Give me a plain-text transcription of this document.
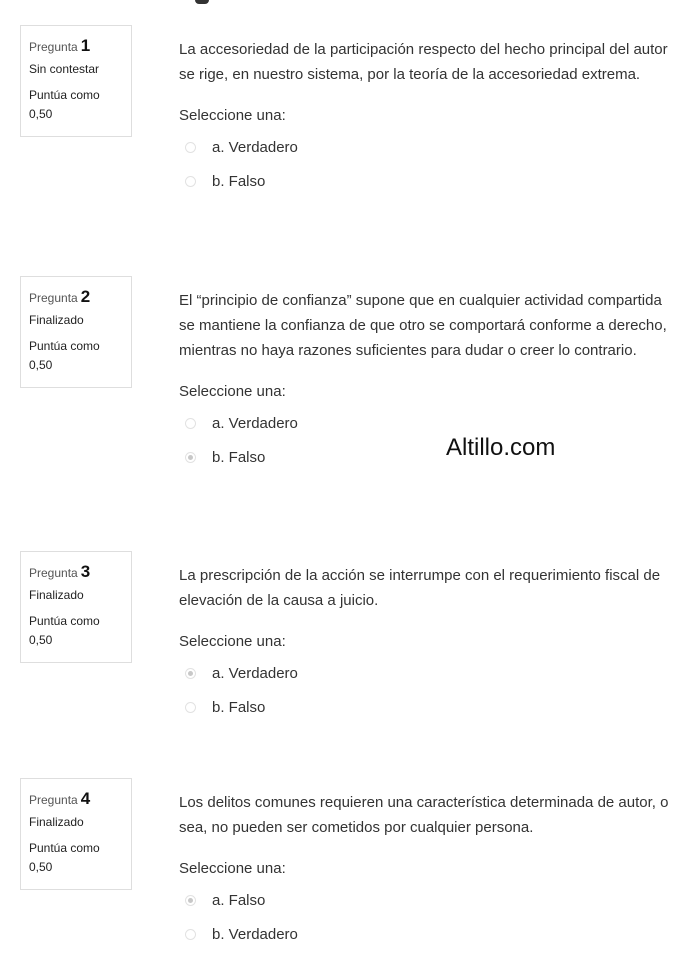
Pregunta 1
Sin contestar
Puntúa como
0,50

La accesoriedad de la participación respecto del hecho principal del autor se rige, en nuestro sistema, por la teoría de la accesoriedad extrema.

Seleccione una:
a. Verdadero
b. Falso
Pregunta 2
Finalizado
Puntúa como
0,50

El “principio de confianza” supone que en cualquier actividad compartida se mantiene la confianza de que otro se comportará conforme a derecho, mientras no haya razones suficientes para dudar o creer lo contrario.

Seleccione una:
a. Verdadero
b. Falso
Pregunta 3
Finalizado
Puntúa como
0,50

La prescripción de la acción se interrumpe con el requerimiento fiscal de elevación de la causa a juicio.

Seleccione una:
a. Verdadero
b. Falso
Pregunta 4
Finalizado
Puntúa como
0,50

Los delitos comunes requieren una característica determinada de autor, o sea, no pueden ser cometidos por cualquier persona.

Seleccione una:
a. Falso
b. Verdadero
Altillo.com
